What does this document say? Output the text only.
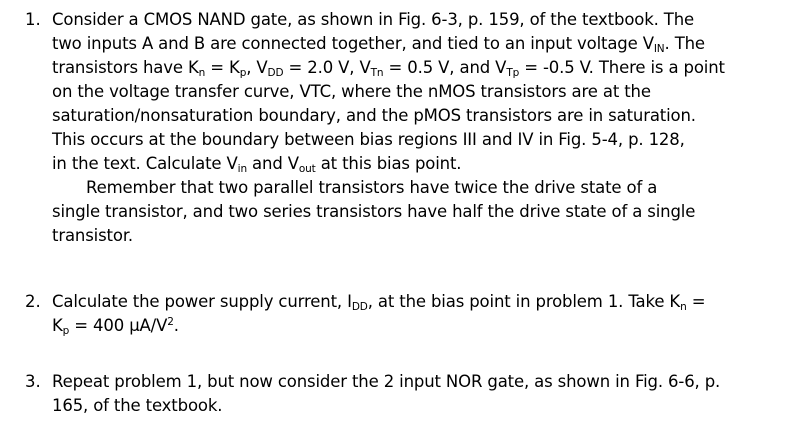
1. Consider a CMOS NAND gate, as shown in Fig. 6-3, p. 159, of the textbook. The
two inputs A and B are connected together, and tied to an input voltage $V_{IN}$. The
transistors have $K_n = K_p$, $V_{DD} = 2.0$ V, $V_{Tn} = 0.5$ V, and $V_{Tp} = -0.5$ V. There is a point
on the voltage transfer curve, VTC, where the nMOS transistors are at the
saturation/nonsaturation boundary, and the pMOS transistors are in saturation.
This occurs at the boundary between bias regions III and IV in Fig. 5-4, p. 128,
in the text. Calculate $V_{in}$ and $V_{out}$ at this bias point.
Remember that two parallel transistors have twice the drive state of a
single transistor, and two series transistors have half the drive state of a single
transistor.
2. Calculate the power supply current, $I_{DD}$, at the bias point in problem 1. Take $K_n$ =
$K_p = 400$ $\mu A/V^2$.
3. Repeat problem 1, but now consider the 2 input NOR gate, as shown in Fig. 6-6, p.
165, of the textbook.
